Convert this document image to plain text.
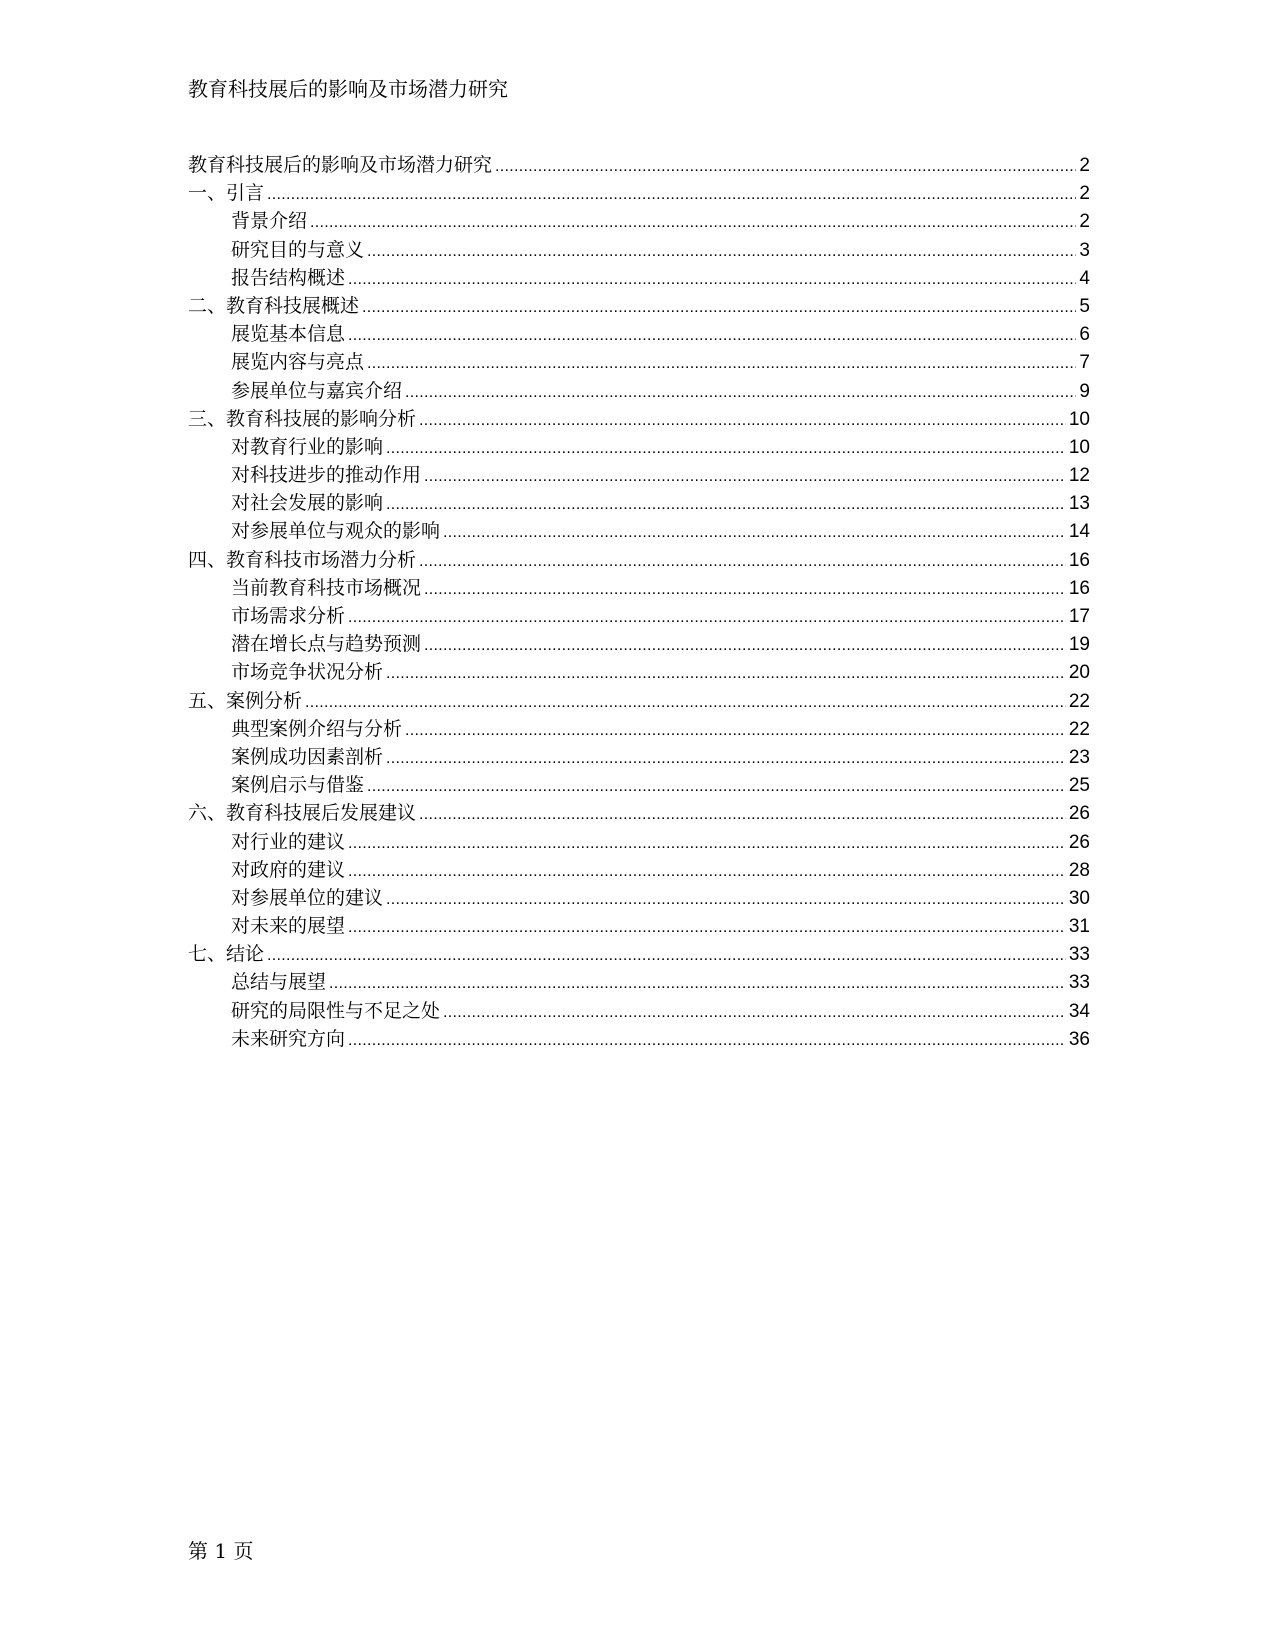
教育科技展后的影响及市场潜力研究
教育科技展后的影响及市场潜力研究 .....	2
一、引言 .....	2
背景介绍 .....	2
研究目的与意义 .....	3
报告结构概述 .....	4
二、教育科技展概述 .....	5
展览基本信息 .....	6
展览内容与亮点 .....	7
参展单位与嘉宾介绍 .....	9
三、教育科技展的影响分析 .....	10
对教育行业的影响 .....	10
对科技进步的推动作用 .....	12
对社会发展的影响 .....	13
对参展单位与观众的影响 .....	14
四、教育科技市场潜力分析 .....	16
当前教育科技市场概况 .....	16
市场需求分析 .....	17
潜在增长点与趋势预测 .....	19
市场竞争状况分析 .....	20
五、案例分析 .....	22
典型案例介绍与分析 .....	22
案例成功因素剖析 .....	23
案例启示与借鉴 .....	25
六、教育科技展后发展建议 .....	26
对行业的建议 .....	26
对政府的建议 .....	28
对参展单位的建议 .....	30
对未来的展望 .....	31
七、结论 .....	33
总结与展望 .....	33
研究的局限性与不足之处 .....	34
未来研究方向 .....	36
第 1 页
